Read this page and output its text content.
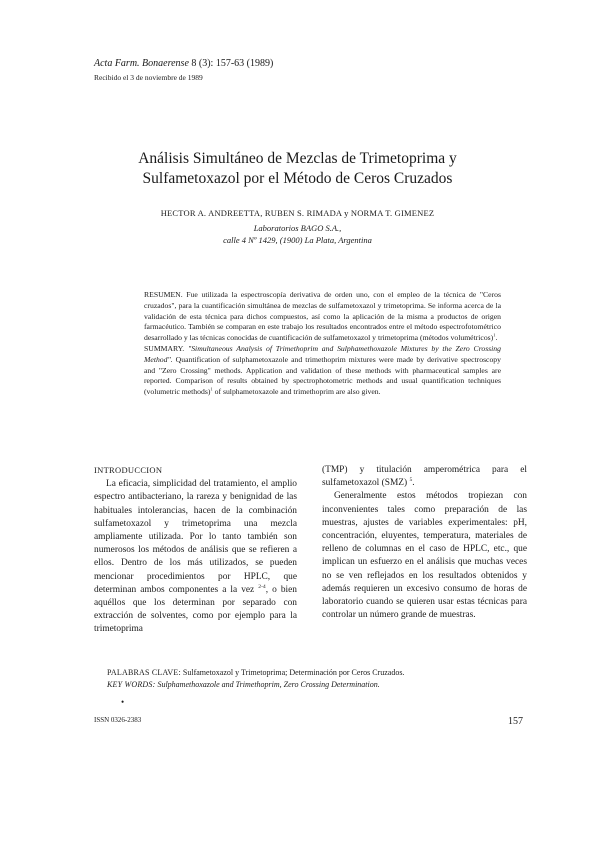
Acta Farm. Bonaerense 8 (3): 157-63 (1989)
Recibido el 3 de noviembre de 1989
Análisis Simultáneo de Mezclas de Trimetoprima y
Sulfametoxazol por el Método de Ceros Cruzados
HECTOR A. ANDREETTA, RUBEN S. RIMADA y NORMA T. GIMENEZ
Laboratorios BAGO S.A.,
calle 4 Nº 1429, (1900) La Plata, Argentina
RESUMEN. Fue utilizada la espectroscopía derivativa de orden uno, con el empleo de la técnica de "Ceros cruzados", para la cuantificación simultánea de mezclas de sulfametoxazol y trimetoprima. Se informa acerca de la validación de esta técnica para dichos compuestos, así como la aplicación de la misma a productos de origen farmacéutico. También se comparan en este trabajo los resultados encontrados entre el método espectrofotométrico desarrollado y las técnicas conocidas de cuantificación de sulfametoxazol y trimetoprima (métodos volumétricos)$^1$.
SUMMARY. "Simultaneous Analysis of Trimethoprim and Sulphamethoxazole Mixtures by the Zero Crossing Method". Quantification of sulphametoxazole and trimethoprim mixtures were made by derivative spectroscopy and "Zero Crossing" methods. Application and validation of these methods with pharmaceutical samples are reported. Comparison of results obtained by spectrophotometric methods and usual quantification techniques (volumetric methods)$^1$ of sulphametoxazole and trimethoprim are also given.
INTRODUCCION

La eficacia, simplicidad del tratamiento, el amplio espectro antibacteriano, la rareza y benignidad de las habituales intolerancias, hacen de la combinación sulfametoxazol y trimetoprima una mezcla ampliamente utilizada. Por lo tanto también son numerosos los métodos de análisis que se refieren a ellos. Dentro de los más utilizados, se pueden mencionar procedimientos por HPLC, que determinan ambos componentes a la vez $^{2-4}$, o bien aquéllos que los determinan por separado con extracción de solventes, como por ejemplo para la trimetoprima

(TMP) y titulación amperométrica para el sulfametoxazol (SMZ) $^5$.

Generalmente estos métodos tropiezan con inconvenientes tales como preparación de las muestras, ajustes de variables experimentales: pH, concentración, eluyentes, temperatura, materiales de relleno de columnas en el caso de HPLC, etc., que implican un esfuerzo en el análisis que muchas veces no se ven reflejados en los resultados obtenidos y además requieren un excesivo consumo de horas de laboratorio cuando se quieren usar estas técnicas para controlar un número grande de muestras.

PALABRAS CLAVE: Sulfametoxazol y Trimetoprima; Determinación por Ceros Cruzados.
KEY WORDS: Sulphamethoxazole and Trimethoprim, Zero Crossing Determination.
•
ISSN 0326-2383	157
